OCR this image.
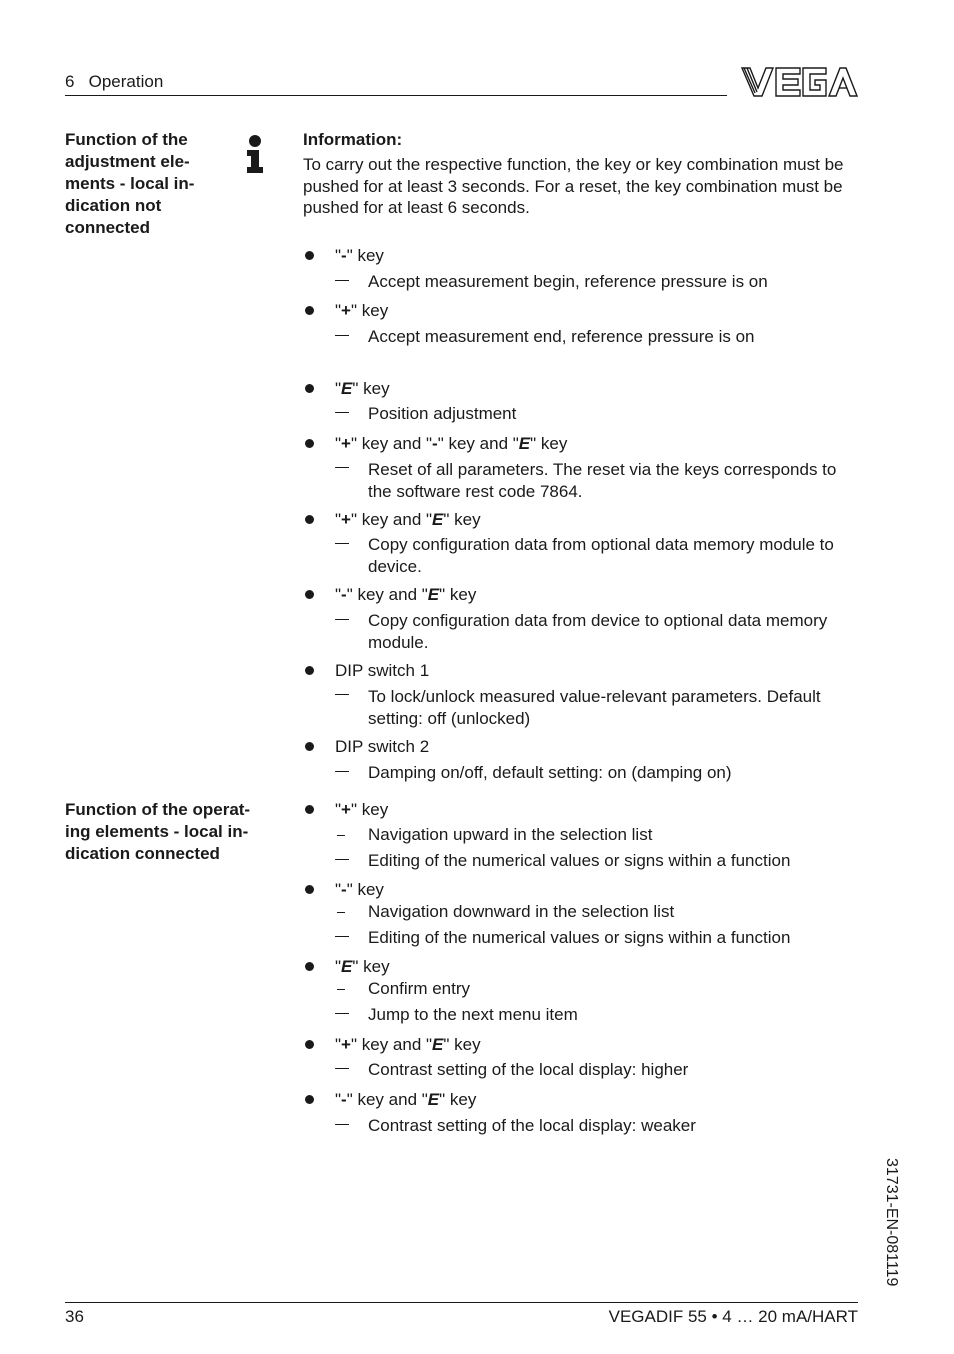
6   Operation
Function of the
adjustment ele-
ments - local in-
dication not
connected
Information:
To carry out the respective function, the key or key combination must be pushed for at least 3 seconds. For a reset, the key combination must be pushed for at least 6 seconds.
"-" key
Accept measurement begin, reference pressure is on
"+" key
Accept measurement end, reference pressure is on
"E" key
Position adjustment
"+" key and "-" key and "E" key
Reset of all parameters. The reset via the keys corresponds to the software rest code 7864.
"+" key and "E" key
Copy configuration data from optional data memory module to device.
"-" key and "E" key
Copy configuration data from device to optional data memory module.
DIP switch 1
To lock/unlock measured value-relevant parameters. Default setting: off (unlocked)
DIP switch 2
Damping on/off, default setting: on (damping on)
Function of the operat-
ing elements - local in-
dication connected
"+" key
Navigation upward in the selection list
Editing of the numerical values or signs within a function
"-" key
Navigation downward in the selection list
Editing of the numerical values or signs within a function
"E" key
Confirm entry
Jump to the next menu item
"+" key and "E" key
Contrast setting of the local display: higher
"-" key and "E" key
Contrast setting of the local display: weaker
31731-EN-081119
36	VEGADIF 55 • 4 … 20 mA/HART
